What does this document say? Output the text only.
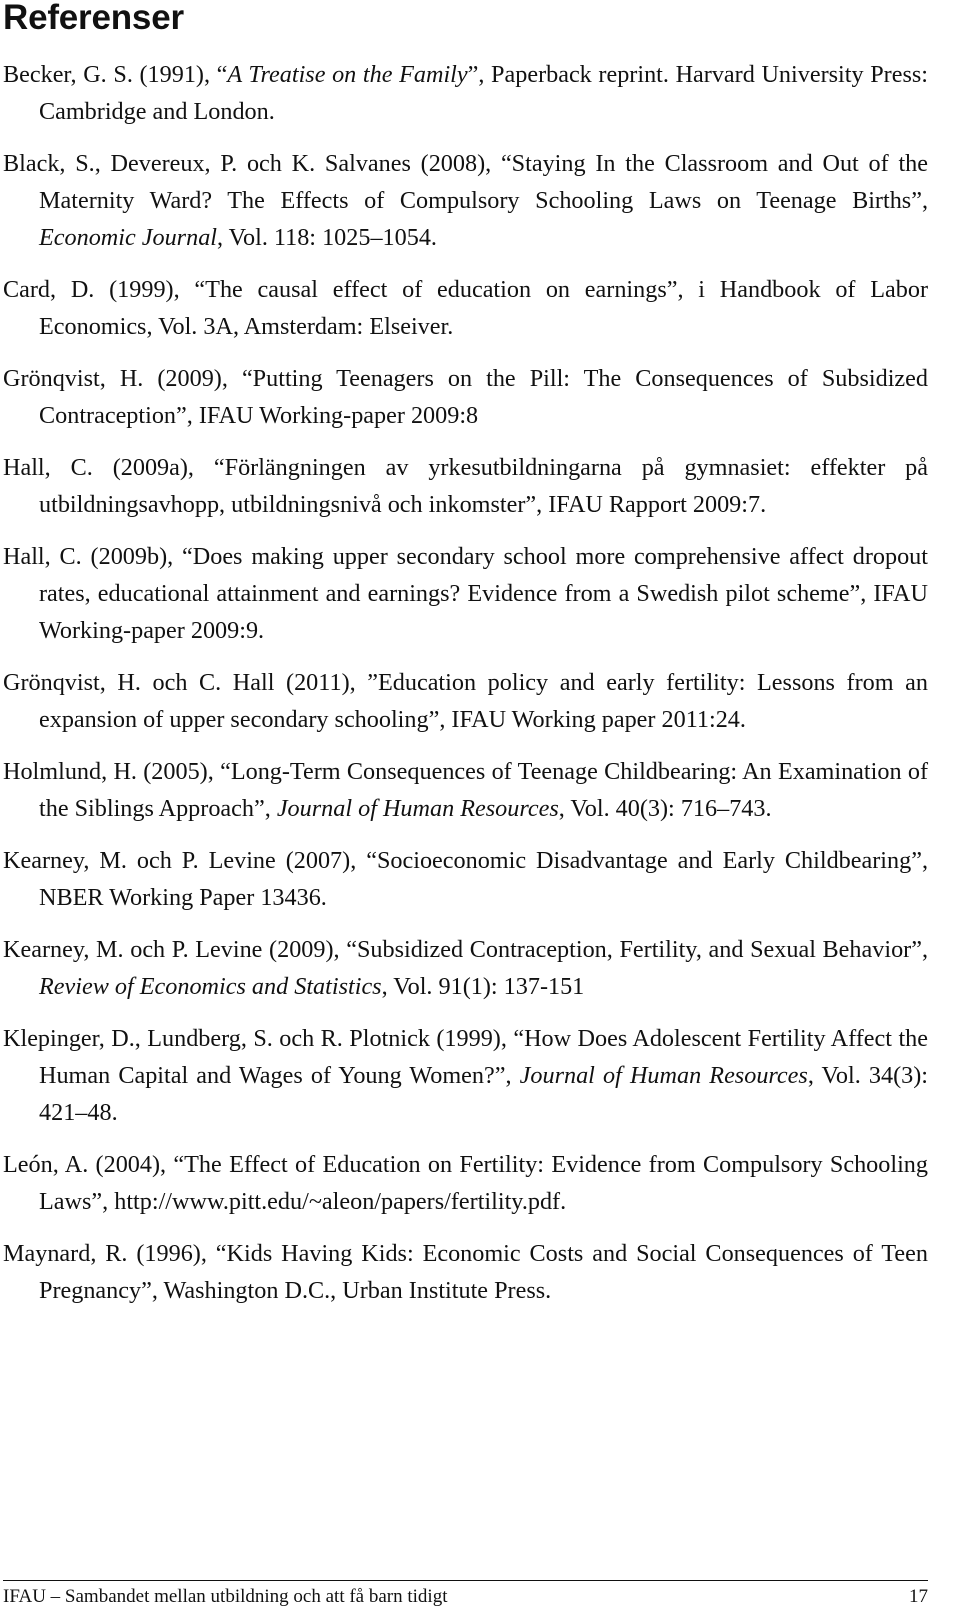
Referenser
Becker, G. S. (1991), “A Treatise on the Family”, Paperback reprint. Harvard University Press: Cambridge and London.
Black, S., Devereux, P. och K. Salvanes (2008), “Staying In the Classroom and Out of the Maternity Ward? The Effects of Compulsory Schooling Laws on Teenage Births”, Economic Journal, Vol. 118: 1025–1054.
Card, D. (1999), “The causal effect of education on earnings”, i Handbook of Labor Economics, Vol. 3A, Amsterdam: Elseiver.
Grönqvist, H. (2009), “Putting Teenagers on the Pill: The Consequences of Subsidized Contraception”, IFAU Working-paper 2009:8
Hall, C. (2009a), “Förlängningen av yrkesutbildningarna på gymnasiet: effekter på utbildningsavhopp, utbildningsnivå och inkomster”, IFAU Rapport 2009:7.
Hall, C. (2009b), “Does making upper secondary school more comprehensive affect dropout rates, educational attainment and earnings? Evidence from a Swedish pilot scheme”, IFAU Working-paper 2009:9.
Grönqvist, H. och C. Hall (2011), ”Education policy and early fertility: Lessons from an expansion of upper secondary schooling”, IFAU Working paper 2011:24.
Holmlund, H. (2005), “Long-Term Consequences of Teenage Childbearing: An Examination of the Siblings Approach”, Journal of Human Resources, Vol. 40(3): 716–743.
Kearney, M. och P. Levine (2007), “Socioeconomic Disadvantage and Early Childbearing”, NBER Working Paper 13436.
Kearney, M. och P. Levine (2009), “Subsidized Contraception, Fertility, and Sexual Behavior”, Review of Economics and Statistics, Vol. 91(1): 137-151
Klepinger, D., Lundberg, S. och R. Plotnick (1999), “How Does Adolescent Fertility Affect the Human Capital and Wages of Young Women?”, Journal of Human Resources, Vol. 34(3): 421–48.
León, A. (2004), “The Effect of Education on Fertility: Evidence from Compulsory Schooling Laws”, http://www.pitt.edu/~aleon/papers/fertility.pdf.
Maynard, R. (1996), “Kids Having Kids: Economic Costs and Social Consequences of Teen Pregnancy”, Washington D.C., Urban Institute Press.
IFAU – Sambandet mellan utbildning och att få barn tidigt	17
